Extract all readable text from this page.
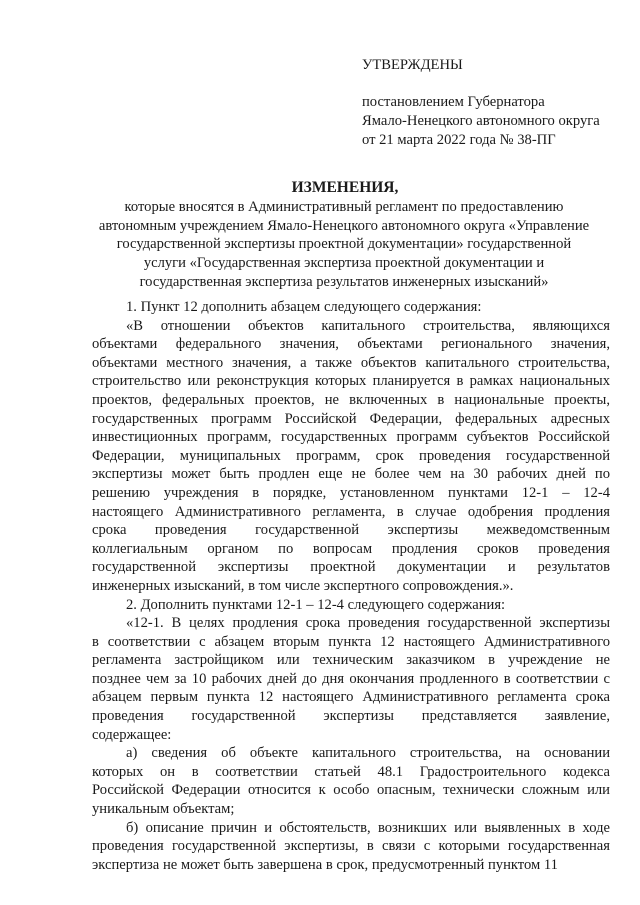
УТВЕРЖДЕНЫ
постановлением Губернатора
Ямало-Ненецкого автономного округа
от 21 марта 2022 года № 38-ПГ
ИЗМЕНЕНИЯ,
которые вносятся в Административный регламент по предоставлению
автономным учреждением Ямало-Ненецкого автономного округа «Управление
государственной экспертизы проектной документации» государственной
услуги «Государственная экспертиза проектной документации и
государственная экспертиза результатов инженерных изысканий»
1. Пункт 12 дополнить абзацем следующего содержания:
«В отношении объектов капитального строительства, являющихся
объектами федерального значения, объектами регионального значения,
объектами местного значения, а также объектов капитального строительства,
строительство или реконструкция которых планируется в рамках национальных
проектов, федеральных проектов, не включенных в национальные проекты,
государственных программ Российской Федерации, федеральных адресных
инвестиционных программ, государственных программ субъектов Российской
Федерации, муниципальных программ, срок проведения государственной
экспертизы может быть продлен еще не более чем на 30 рабочих дней по
решению учреждения в порядке, установленном пунктами 12-1 – 12-4
настоящего Административного регламента, в случае одобрения продления
срока проведения государственной экспертизы межведомственным
коллегиальным органом по вопросам продления сроков проведения
государственной экспертизы проектной документации и результатов
инженерных изысканий, в том числе экспертного сопровождения.».
2. Дополнить пунктами 12-1 – 12-4 следующего содержания:
«12-1. В целях продления срока проведения государственной экспертизы
в соответствии с абзацем вторым пункта 12 настоящего Административного
регламента застройщиком или техническим заказчиком в учреждение не
позднее чем за 10 рабочих дней до дня окончания продленного в соответствии с
абзацем первым пункта 12 настоящего Административного регламента срока
проведения государственной экспертизы представляется заявление,
содержащее:
а) сведения об объекте капитального строительства, на основании
которых он в соответствии статьей 48.1 Градостроительного кодекса
Российской Федерации относится к особо опасным, технически сложным или
уникальным объектам;
б) описание причин и обстоятельств, возникших или выявленных в ходе
проведения государственной экспертизы, в связи с которыми государственная
экспертиза не может быть завершена в срок, предусмотренный пунктом 11
